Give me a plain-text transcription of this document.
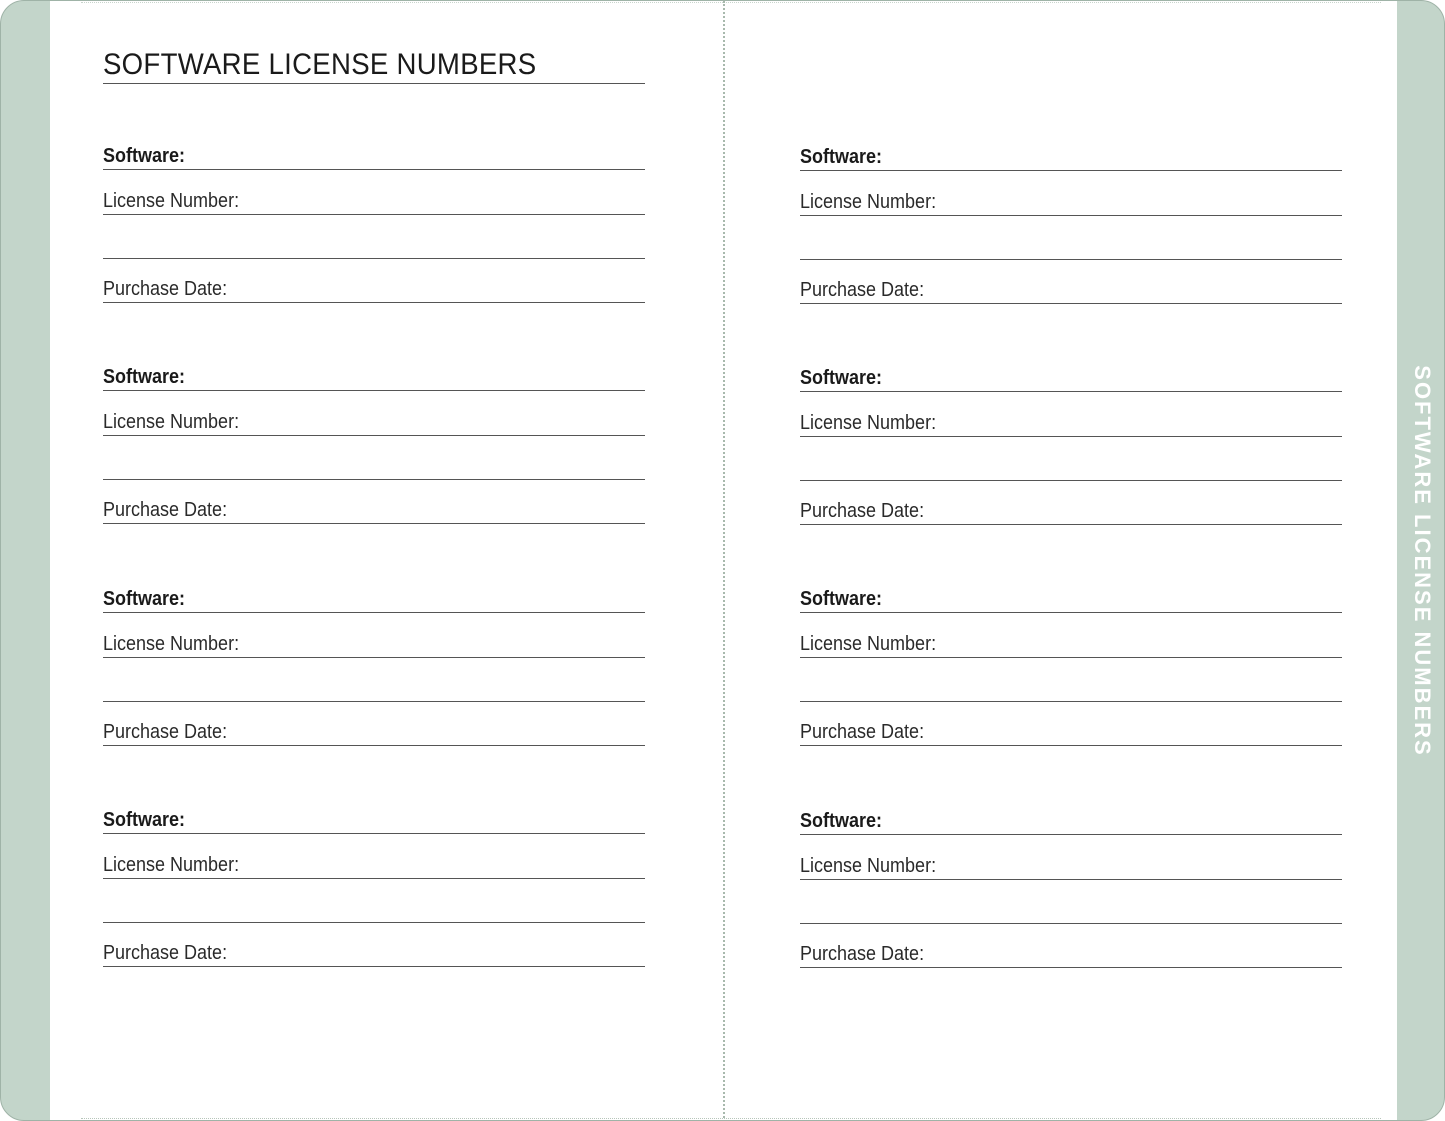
SOFTWARE LICENSE NUMBERS
SOFTWARE LICENSE NUMBERS
Software:
License Number:
Purchase Date:
Software:
License Number:
Purchase Date:
Software:
License Number:
Purchase Date:
Software:
License Number:
Purchase Date:
Software:
License Number:
Purchase Date:
Software:
License Number:
Purchase Date:
Software:
License Number:
Purchase Date:
Software:
License Number:
Purchase Date:
